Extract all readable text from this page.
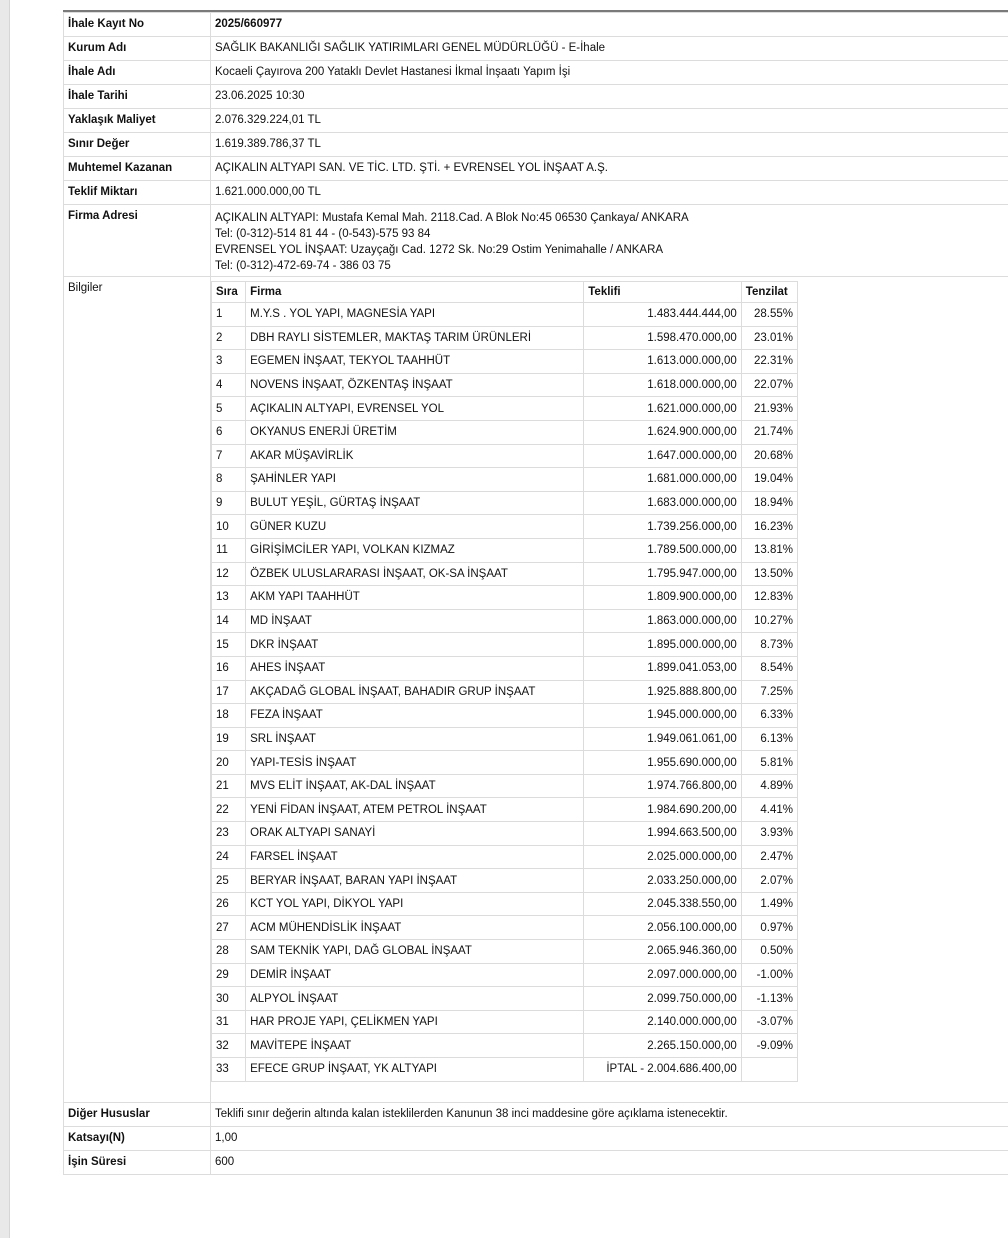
İhale Kayıt No	2025/660977
Kurum Adı	SAĞLIK BAKANLIĞI SAĞLIK YATIRIMLARI GENEL MÜDÜRLÜĞÜ - E-İhale
İhale Adı	Kocaeli Çayırova 200 Yataklı Devlet Hastanesi İkmal İnşaatı Yapım İşi
İhale Tarihi	23.06.2025 10:30
Yaklaşık Maliyet	2.076.329.224,01 TL
Sınır Değer	1.619.389.786,37 TL
Muhtemel Kazanan	AÇIKALIN ALTYAPI SAN. VE TİC. LTD. ŞTİ. + EVRENSEL YOL İNŞAAT A.Ş.
Teklif Miktarı	1.621.000.000,00 TL
Firma Adresi	AÇIKALIN ALTYAPI: Mustafa Kemal Mah. 2118.Cad. A Blok No:45 06530 Çankaya/ ANKARA
Tel: (0-312)-514 81 44 - (0-543)-575 93 84
EVRENSEL YOL İNŞAAT: Uzayçağı Cad. 1272 Sk. No:29 Ostim Yenimahalle / ANKARA
Tel: (0-312)-472-69-74 - 386 03 75

Bilgiler		Sıra	Firma	Teklifi	Tenzilat
1	M.Y.S . YOL YAPI, MAGNESİA YAPI	1.483.444.444,00	28.55%
2	DBH RAYLI SİSTEMLER, MAKTAŞ TARIM ÜRÜNLERİ	1.598.470.000,00	23.01%
3	EGEMEN İNŞAAT, TEKYOL TAAHHÜT	1.613.000.000,00	22.31%
4	NOVENS İNŞAAT, ÖZKENTAŞ İNŞAAT	1.618.000.000,00	22.07%
5	AÇIKALIN ALTYAPI, EVRENSEL YOL	1.621.000.000,00	21.93%
6	OKYANUS ENERJİ ÜRETİM	1.624.900.000,00	21.74%
7	AKAR MÜŞAVİRLİK	1.647.000.000,00	20.68%
8	ŞAHİNLER YAPI	1.681.000.000,00	19.04%
9	BULUT YEŞİL, GÜRTAŞ İNŞAAT	1.683.000.000,00	18.94%
10	GÜNER KUZU	1.739.256.000,00	16.23%
11	GİRİŞİMCİLER YAPI, VOLKAN KIZMAZ	1.789.500.000,00	13.81%
12	ÖZBEK ULUSLARARASI İNŞAAT, OK-SA İNŞAAT	1.795.947.000,00	13.50%
13	AKM YAPI TAAHHÜT	1.809.900.000,00	12.83%
14	MD İNŞAAT	1.863.000.000,00	10.27%
15	DKR İNŞAAT	1.895.000.000,00	8.73%
16	AHES İNŞAAT	1.899.041.053,00	8.54%
17	AKÇADAĞ GLOBAL İNŞAAT, BAHADIR GRUP İNŞAAT	1.925.888.800,00	7.25%
18	FEZA İNŞAAT	1.945.000.000,00	6.33%
19	SRL İNŞAAT	1.949.061.061,00	6.13%
20	YAPI-TESİS İNŞAAT	1.955.690.000,00	5.81%
21	MVS ELİT İNŞAAT, AK-DAL İNŞAAT	1.974.766.800,00	4.89%
22	YENİ FİDAN İNŞAAT, ATEM PETROL İNŞAAT	1.984.690.200,00	4.41%
23	ORAK ALTYAPI SANAYİ	1.994.663.500,00	3.93%
24	FARSEL İNŞAAT	2.025.000.000,00	2.47%
25	BERYAR İNŞAAT, BARAN YAPI İNŞAAT	2.033.250.000,00	2.07%
26	KCT YOL YAPI, DİKYOL YAPI	2.045.338.550,00	1.49%
27	ACM MÜHENDİSLİK İNŞAAT	2.056.100.000,00	0.97%
28	SAM TEKNİK YAPI, DAĞ GLOBAL İNŞAAT	2.065.946.360,00	0.50%
29	DEMİR İNŞAAT	2.097.000.000,00	-1.00%
30	ALPYOL İNŞAAT	2.099.750.000,00	-1.13%
31	HAR PROJE YAPI, ÇELİKMEN YAPI	2.140.000.000,00	-3.07%
32	MAVİTEPE İNŞAAT	2.265.150.000,00	-9.09%
33	EFECE GRUP İNŞAAT, YK ALTYAPI	İPTAL - 2.004.686.400,00	

Diğer Hususlar	Teklifi sınır değerin altında kalan isteklilerden Kanunun 38 inci maddesine göre açıklama istenecektir.
Katsayı(N)	1,00
İşin Süresi	600
